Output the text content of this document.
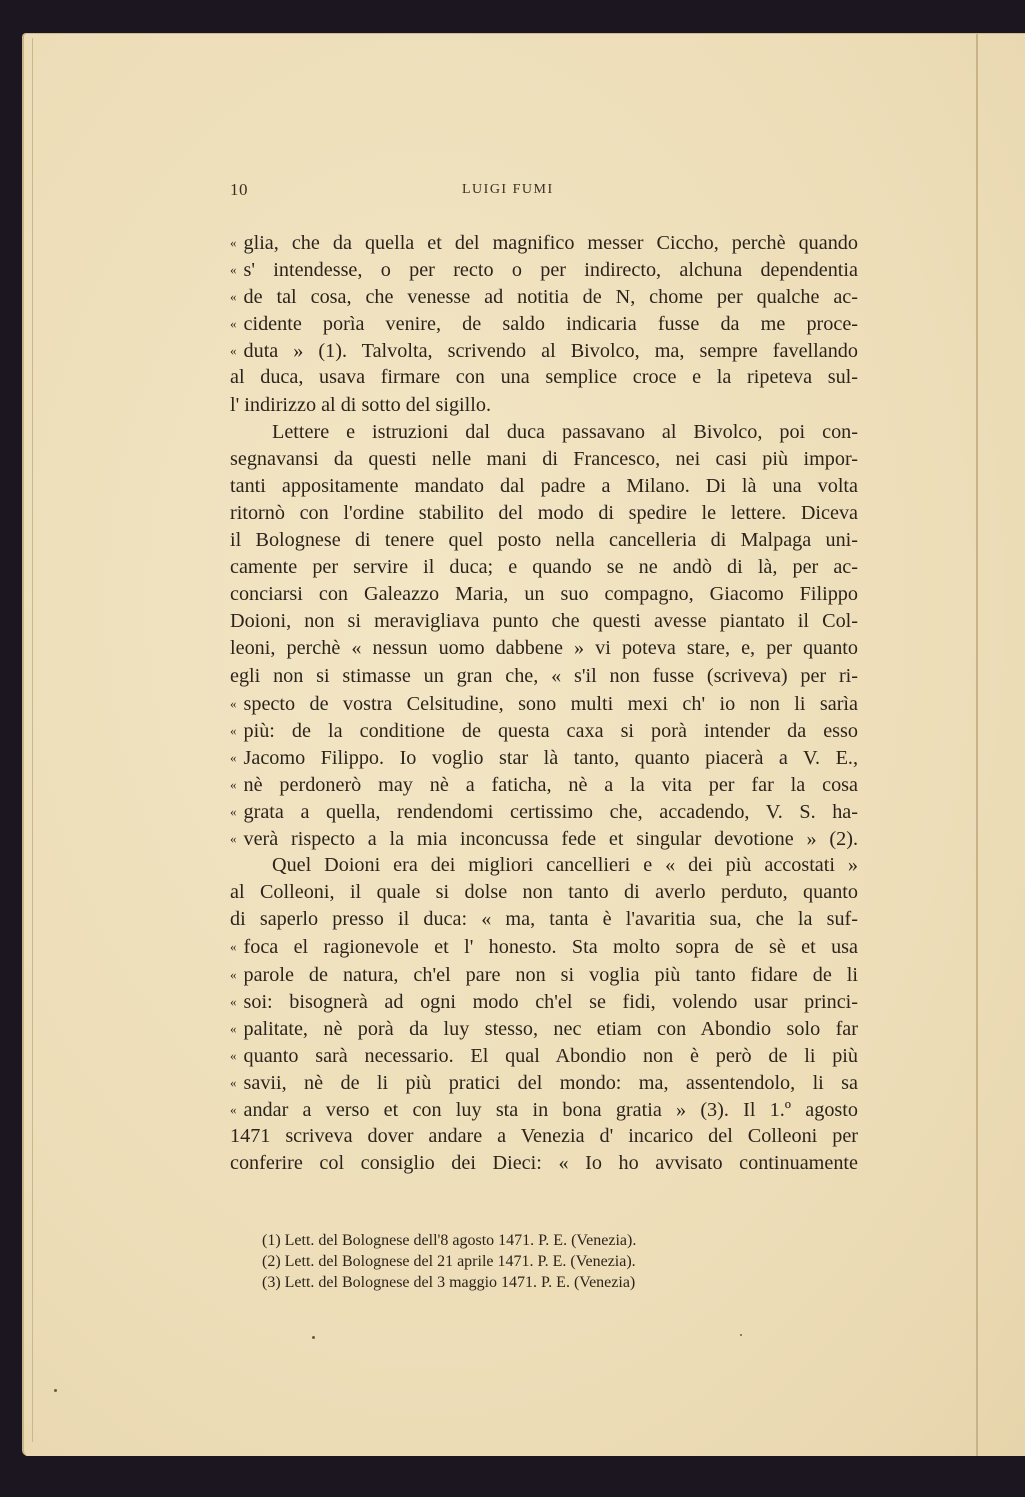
10	LUIGI FUMI
« glia, che da quella et del magnifico messer Ciccho, perchè quando
« s' intendesse, o per recto o per indirecto, alchuna dependentia
« de tal cosa, che venesse ad notitia de N, chome per qualche ac-
« cidente porìa venire, de saldo indicaria fusse da me proce-
« duta » (1). Talvolta, scrivendo al Bivolco, ma, sempre favellando
al duca, usava firmare con una semplice croce e la ripeteva sul-
l' indirizzo al di sotto del sigillo.
Lettere e istruzioni dal duca passavano al Bivolco, poi con-
segnavansi da questi nelle mani di Francesco, nei casi più impor-
tanti appositamente mandato dal padre a Milano. Di là una volta
ritornò con l'ordine stabilito del modo di spedire le lettere. Diceva
il Bolognese di tenere quel posto nella cancelleria di Malpaga uni-
camente per servire il duca; e quando se ne andò di là, per ac-
conciarsi con Galeazzo Maria, un suo compagno, Giacomo Filippo
Doioni, non si meravigliava punto che questi avesse piantato il Col-
leoni, perchè « nessun uomo dabbene » vi poteva stare, e, per quanto
egli non si stimasse un gran che, « s'il non fusse (scriveva) per ri-
« specto de vostra Celsitudine, sono multi mexi ch' io non li sarìa
« più: de la conditione de questa caxa si porà intender da esso
« Jacomo Filippo. Io voglio star là tanto, quanto piacerà a V. E.,
« nè perdonerò may nè a faticha, nè a la vita per far la cosa
« grata a quella, rendendomi certissimo che, accadendo, V. S. ha-
« verà rispecto a la mia inconcussa fede et singular devotione » (2).
Quel Doioni era dei migliori cancellieri e « dei più accostati »
al Colleoni, il quale si dolse non tanto di averlo perduto, quanto
di saperlo presso il duca: « ma, tanta è l'avaritia sua, che la suf-
« foca el ragionevole et l' honesto. Sta molto sopra de sè et usa
« parole de natura, ch'el pare non si voglia più tanto fidare de li
« soi: bisognerà ad ogni modo ch'el se fidi, volendo usar princi-
« palitate, nè porà da luy stesso, nec etiam con Abondio solo far
« quanto sarà necessario. El qual Abondio non è però de li più
« savii, nè de li più pratici del mondo: ma, assentendolo, li sa
« andar a verso et con luy sta in bona gratia » (3). Il 1.º agosto
1471 scriveva dover andare a Venezia d' incarico del Colleoni per
conferire col consiglio dei Dieci: « Io ho avvisato continuamente
(1) Lett. del Bolognese dell'8 agosto 1471. P. E. (Venezia).
(2) Lett. del Bolognese del 21 aprile 1471. P. E. (Venezia).
(3) Lett. del Bolognese del 3 maggio 1471. P. E. (Venezia)
